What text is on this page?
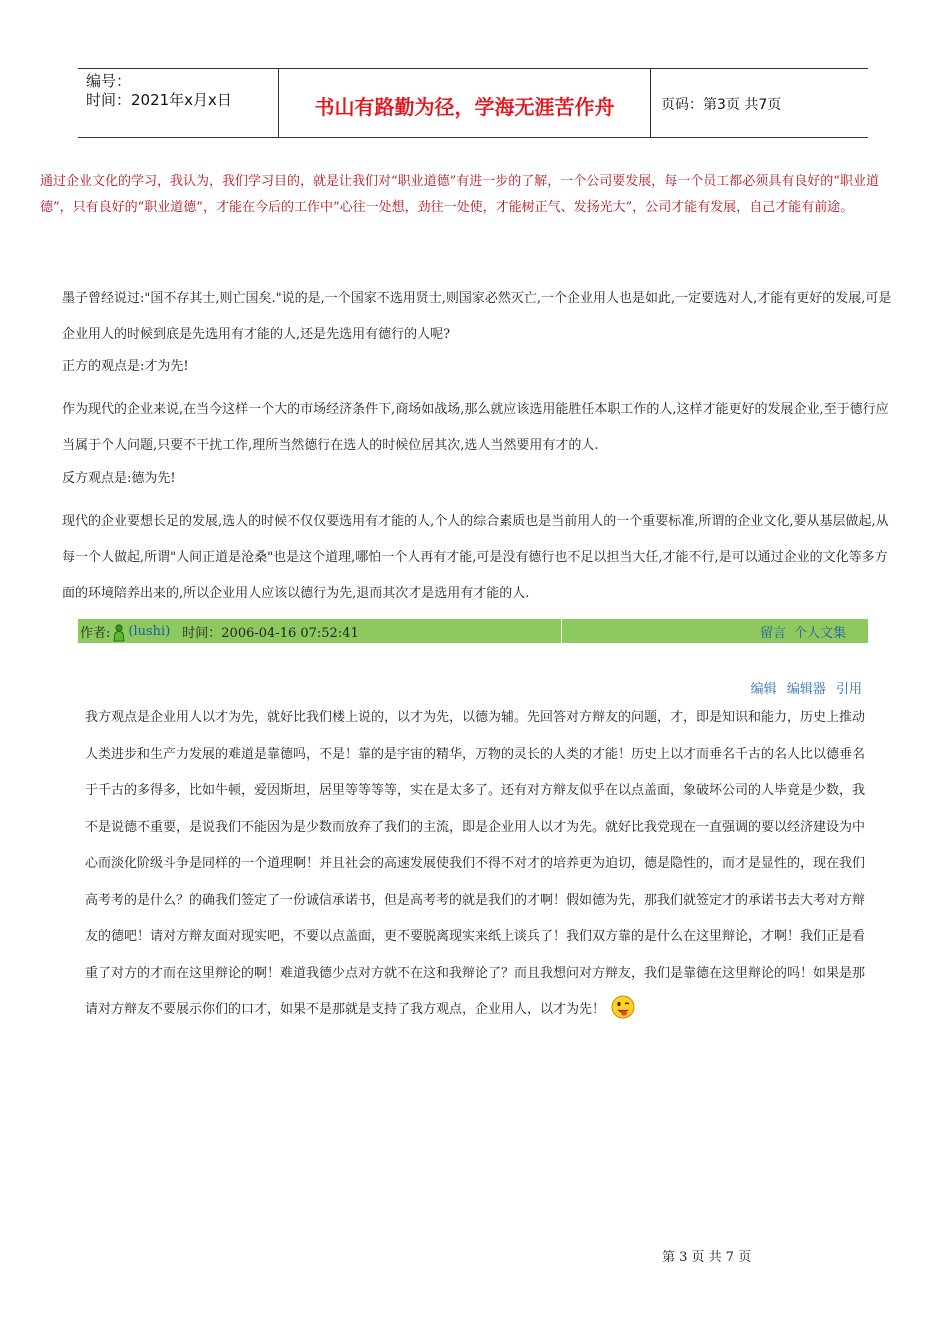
编号：
时间：2021年x月x日	书山有路勤为径，学海无涯苦作舟	页码：第3页 共7页
通过企业文化的学习，我认为，我们学习目的，就是让我们对“职业道德”有进一步的了解，一个公司要发展，每一个员工都必须具有良好的“职业道德”，只有良好的“职业道德”，才能在今后的工作中“心往一处想，劲往一处使，才能树正气、发扬光大”，公司才能有发展，自己才能有前途。
墨子曾经说过:"国不存其士,则亡国矣."说的是,一个国家不选用贤士,则国家必然灭亡,一个企业用人也是如此,一定要选对人,才能有更好的发展,可是企业用人的时候到底是先选用有才能的人,还是先选用有德行的人呢?
正方的观点是:才为先!
作为现代的企业来说,在当今这样一个大的市场经济条件下,商场如战场,那么就应该选用能胜任本职工作的人,这样才能更好的发展企业,至于德行应当属于个人问题,只要不干扰工作,理所当然德行在选人的时候位居其次,选人当然要用有才的人.
反方观点是:德为先!
现代的企业要想长足的发展,选人的时候不仅仅要选用有才能的人,个人的综合素质也是当前用人的一个重要标准,所谓的企业文化,要从基层做起,从每一个人做起,所谓"人间正道是沧桑"也是这个道理,哪怕一个人再有才能,可是没有德行也不足以担当大任,才能不行,是可以通过企业的文化等多方面的环境陪养出来的,所以企业用人应该以德行为先,退而其次才是选用有才能的人.
作者: (lushi) 时间：2006-04-16 07:52:41	留言 个人文集
编辑 编辑器 引用
我方观点是企业用人以才为先，就好比我们楼上说的，以才为先，以德为辅。先回答对方辩友的问题，才，即是知识和能力，历史上推动人类进步和生产力发展的难道是靠德吗，不是！靠的是宇宙的精华，万物的灵长的人类的才能！历史上以才而垂名千古的名人比以德垂名于千古的多得多，比如牛顿，爱因斯坦，居里等等等等，实在是太多了。还有对方辩友似乎在以点盖面，象破坏公司的人毕竟是少数，我不是说德不重要，是说我们不能因为是少数而放弃了我们的主流，即是企业用人以才为先。就好比我党现在一直强调的要以经济建设为中心而淡化阶级斗争是同样的一个道理啊！并且社会的高速发展使我们不得不对才的培养更为迫切，德是隐性的，而才是显性的，现在我们高考考的是什么？的确我们签定了一份诚信承诺书，但是高考考的就是我们的才啊！假如德为先，那我们就签定才的承诺书去大考对方辩友的德吧！请对方辩友面对现实吧，不要以点盖面，更不要脱离现实来纸上谈兵了！我们双方靠的是什么在这里辩论，才啊！我们正是看重了对方的才而在这里辩论的啊！难道我德少点对方就不在这和我辩论了？而且我想问对方辩友，我们是靠德在这里辩论的吗！如果是那请对方辩友不要展示你们的口才，如果不是那就是支持了我方观点，企业用人，以才为先！
第 3 页 共 7 页
